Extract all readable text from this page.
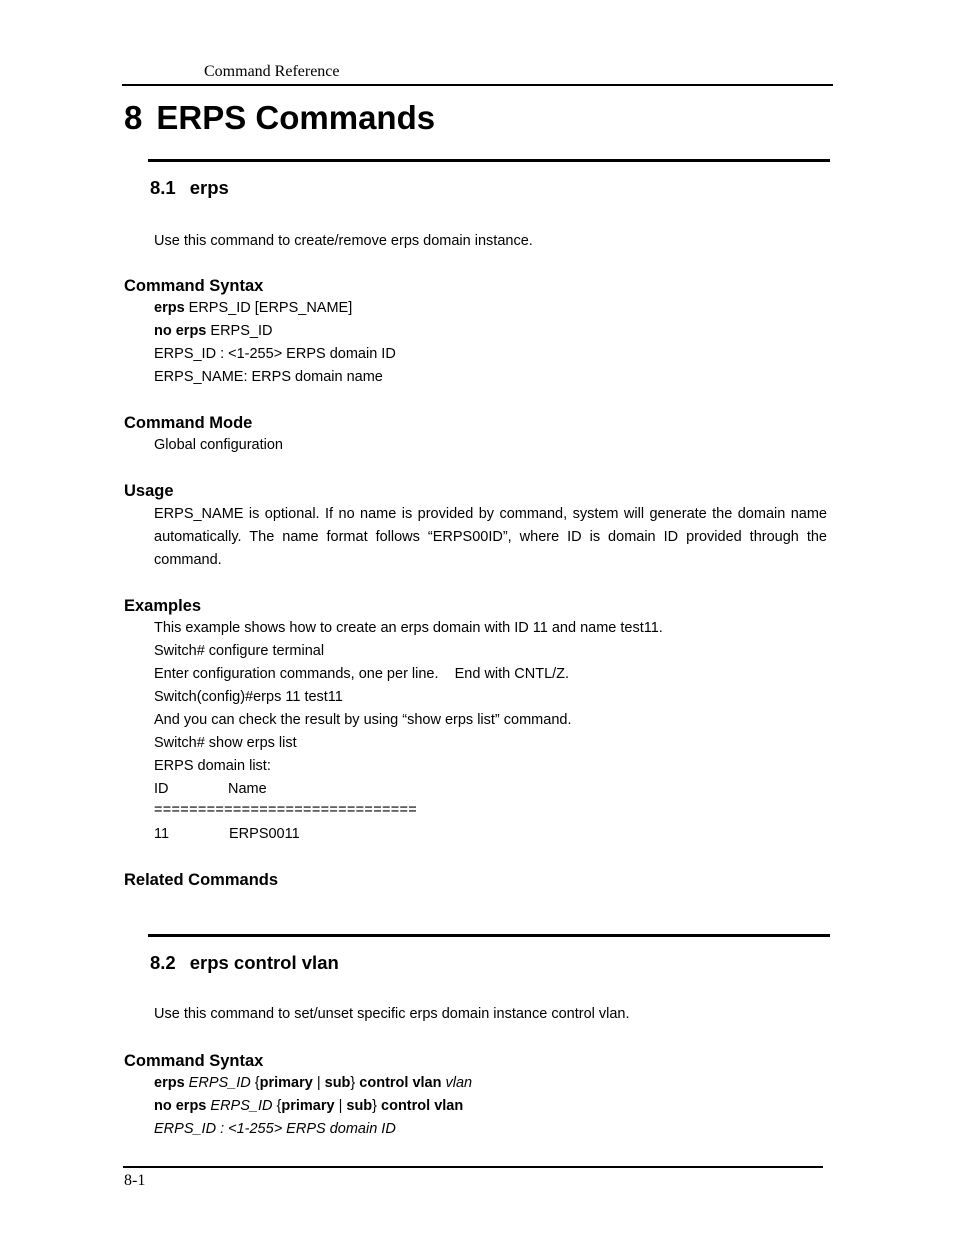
Command Reference
8 ERPS Commands
8.1 erps
Use this command to create/remove erps domain instance.
Command Syntax
erps ERPS_ID [ERPS_NAME]
no erps ERPS_ID
ERPS_ID : <1-255> ERPS domain ID
ERPS_NAME: ERPS domain name
Command Mode
Global configuration
Usage
ERPS_NAME is optional. If no name is provided by command, system will generate the domain name automatically. The name format follows “ERPS00ID”, where ID is domain ID provided through the command.
Examples
This example shows how to create an erps domain with ID 11 and name test11.
Switch# configure terminal
Enter configuration commands, one per line.    End with CNTL/Z.
Switch(config)#erps 11 test11
And you can check the result by using “show erps list” command.
Switch# show erps list
ERPS domain list:
ID	Name
==============================
11	ERPS0011
Related Commands
8.2 erps control vlan
Use this command to set/unset specific erps domain instance control vlan.
Command Syntax
erps ERPS_ID {primary | sub} control vlan vlan
no erps ERPS_ID {primary | sub} control vlan
ERPS_ID : <1-255> ERPS domain ID
8-1
